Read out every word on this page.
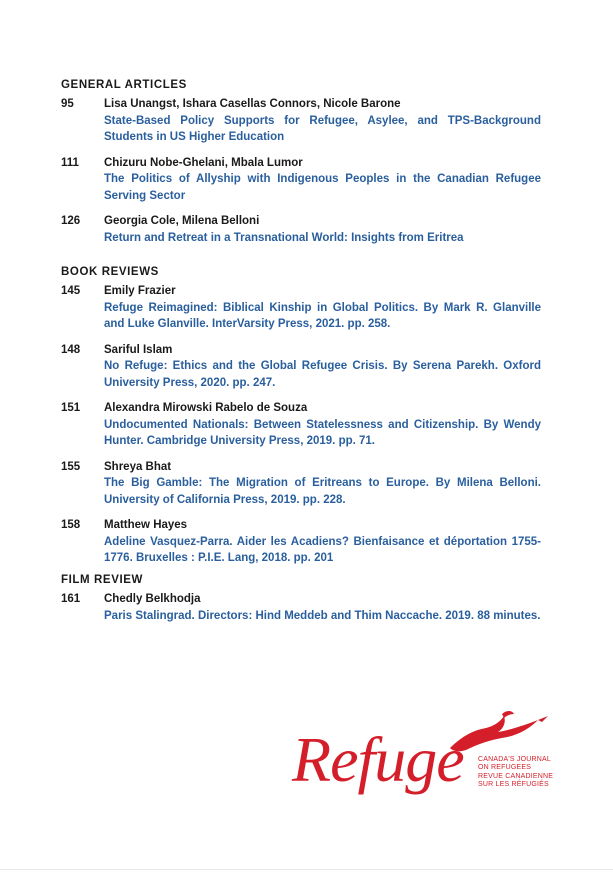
GENERAL ARTICLES
95	Lisa Unangst, Ishara Casellas Connors, Nicole Barone
State-Based Policy Supports for Refugee, Asylee, and TPS-Background Students in US Higher Education
111	Chizuru Nobe-Ghelani, Mbala Lumor
The Politics of Allyship with Indigenous Peoples in the Canadian Refugee Serving Sector
126	Georgia Cole, Milena Belloni
Return and Retreat in a Transnational World: Insights from Eritrea
BOOK REVIEWS
145	Emily Frazier
Refuge Reimagined: Biblical Kinship in Global Politics. By Mark R. Glanville and Luke Glanville. InterVarsity Press, 2021. pp. 258.
148	Sariful Islam
No Refuge: Ethics and the Global Refugee Crisis. By Serena Parekh. Oxford University Press, 2020. pp. 247.
151	Alexandra Mirowski Rabelo de Souza
Undocumented Nationals: Between Statelessness and Citizenship. By Wendy Hunter. Cambridge University Press, 2019. pp. 71.
155	Shreya Bhat
The Big Gamble: The Migration of Eritreans to Europe. By Milena Belloni. University of California Press, 2019. pp. 228.
158	Matthew Hayes
Adeline Vasquez-Parra. Aider les Acadiens? Bienfaisance et déportation 1755-1776. Bruxelles : P.I.E. Lang, 2018. pp. 201
FILM REVIEW
161	Chedly Belkhodja
Paris Stalingrad. Directors: Hind Meddeb and Thim Naccache. 2019. 88 minutes.
Refuge CANADA'S JOURNAL
ON REFUGEES
REVUE CANADIENNE
SUR LES RÉFUGIÉS
